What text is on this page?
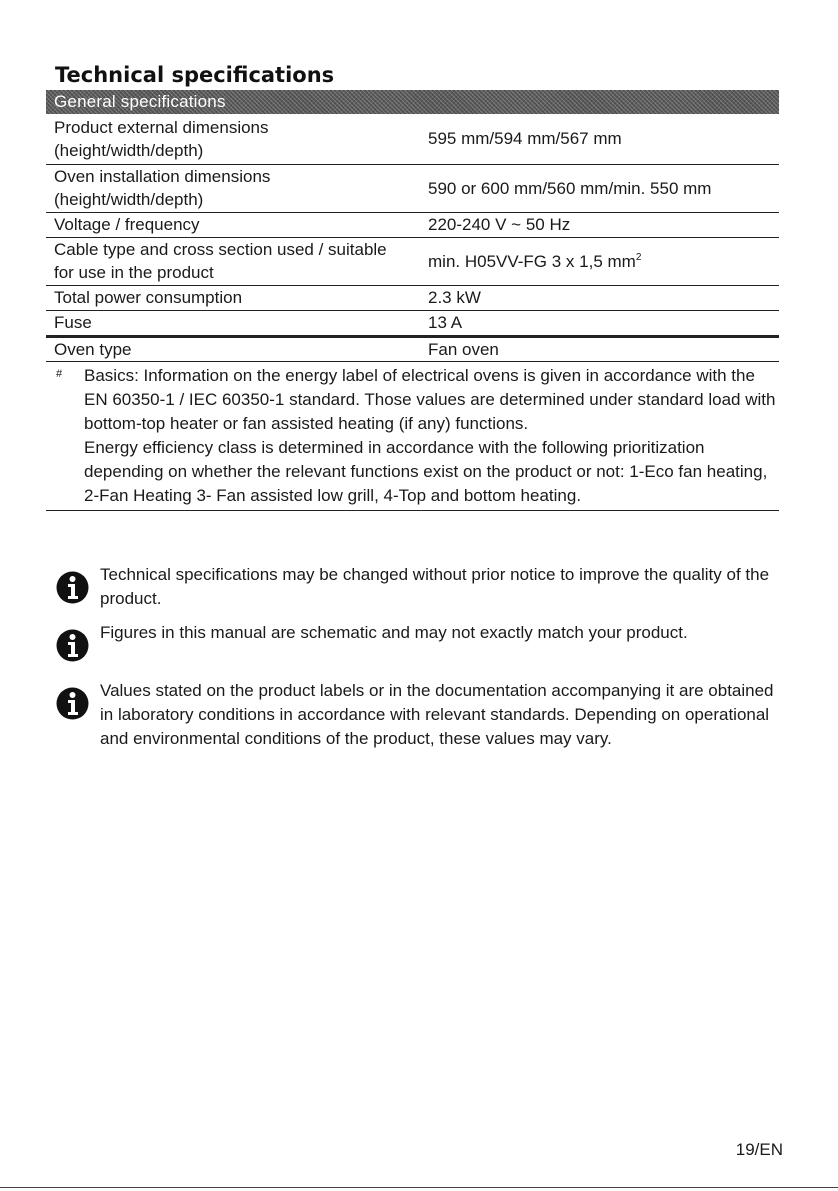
Technical specifications
General specifications
Product external dimensions (height/width/depth)	595 mm/594 mm/567 mm
Oven installation dimensions (height/width/depth)	590 or 600 mm/560 mm/min. 550 mm
Voltage / frequency	220-240 V ~ 50 Hz
Cable type and cross section used / suitable for use in the product	min. H05VV-FG 3 x 1,5 $mm^2$
Total power consumption	2.3 kW
Fuse	13 A
Oven type	Fan oven
# Basics: Information on the energy label of electrical ovens is given in accordance with the EN 60350-1 / IEC 60350-1 standard. Those values are determined under standard load with bottom-top heater or fan assisted heating (if any) functions.

Energy efficiency class is determined in accordance with the following prioritization depending on whether the relevant functions exist on the product or not: 1-Eco fan heating, 2-Fan Heating 3- Fan assisted low grill, 4-Top and bottom heating.

Technical specifications may be changed without prior notice to improve the quality of the product.
Figures in this manual are schematic and may not exactly match your product.
Values stated on the product labels or in the documentation accompanying it are obtained in laboratory conditions in accordance with relevant standards. Depending on operational and environmental conditions of the product, these values may vary.
19/EN
